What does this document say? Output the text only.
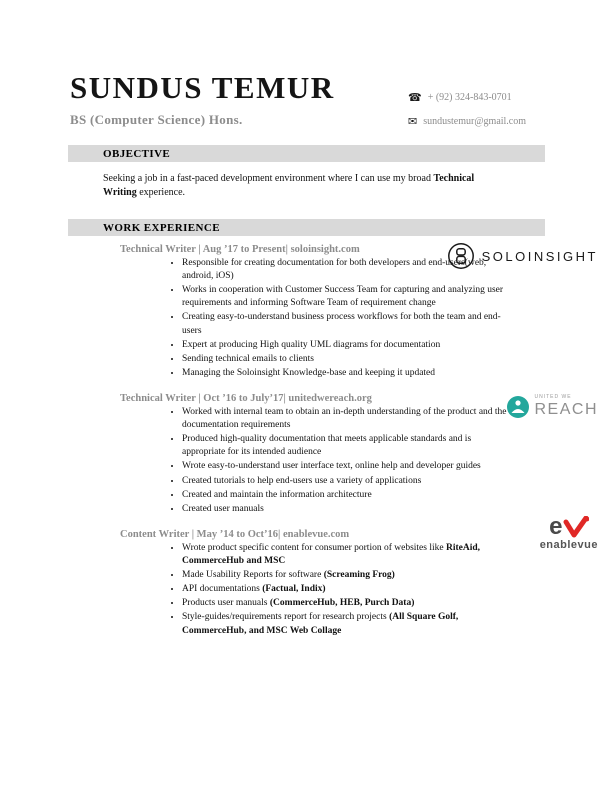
SUNDUS TEMUR
BS (Computer Science) Hons.
☎ + (92) 324-843-0701
✉ sundustemur@gmail.com
OBJECTIVE

Seeking a job in a fast-paced development environment where I can use my broad Technical Writing experience.

WORK EXPERIENCE
Technical Writer | Aug ’17 to Present| soloinsight.com
• Responsible for creating documentation for both developers and end-users(web, android, iOS)
• Works in cooperation with Customer Success Team for capturing and analyzing user requirements and informing Software Team of requirement change
• Creating easy-to-understand business process workflows for both the team and end-users
• Expert at producing High quality UML diagrams for documentation
• Sending technical emails to clients
• Managing the Soloinsight Knowledge-base and keeping it updated
SOLOINSIGHT
Technical Writer | Oct ’16 to July’17| unitedwereach.org
• Worked with internal team to obtain an in-depth understanding of the product and the documentation requirements
• Produced high-quality documentation that meets applicable standards and is appropriate for its intended audience
• Wrote easy-to-understand user interface text, online help and developer guides
• Created tutorials to help end-users use a variety of applications
• Created and maintain the information architecture
• Created user manuals
UNITED WE
REACH
Content Writer | May ’14 to Oct’16| enablevue.com
• Wrote product specific content for consumer portion of websites like RiteAid, CommerceHub and MSC
• Made Usability Reports for software (Screaming Frog)
• API documentations (Factual, Indix)
• Products user manuals (CommerceHub, HEB, Purch Data)
• Style-guides/requirements report for research projects (All Square Golf, CommerceHub, and MSC Web Collage
e
enablevue
